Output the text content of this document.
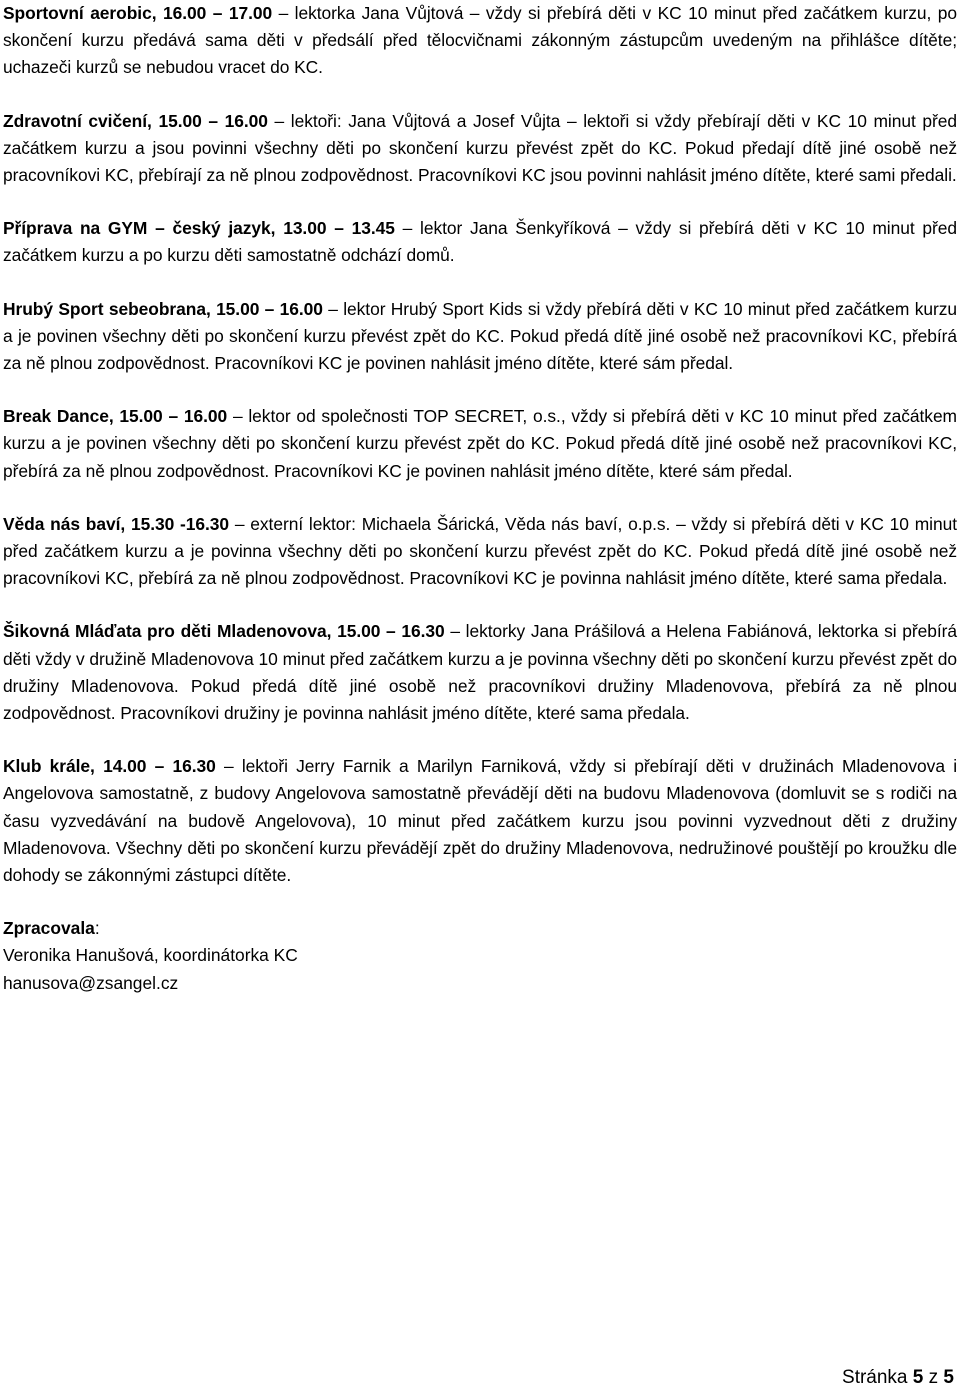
Sportovní aerobic, 16.00 – 17.00 – lektorka Jana Vůjtová – vždy si přebírá děti v KC 10 minut před začátkem kurzu, po skončení kurzu předává sama děti v předsálí před tělocvičnami zákonným zástupcům uvedeným na přihlášce dítěte; uchazeči kurzů se nebudou vracet do KC.

Zdravotní cvičení, 15.00 – 16.00 – lektoři: Jana Vůjtová a Josef Vůjta – lektoři si vždy přebírají děti v KC 10 minut před začátkem kurzu a jsou povinni všechny děti po skončení kurzu převést zpět do KC. Pokud předají dítě jiné osobě než pracovníkovi KC, přebírají za ně plnou zodpovědnost. Pracovníkovi KC jsou povinni nahlásit jméno dítěte, které sami předali.

Příprava na GYM – český jazyk, 13.00 – 13.45 – lektor Jana Šenkyříková – vždy si přebírá děti v KC 10 minut před začátkem kurzu a po kurzu děti samostatně odchází domů.

Hrubý Sport sebeobrana, 15.00 – 16.00 – lektor Hrubý Sport Kids si vždy přebírá děti v KC 10 minut před začátkem kurzu a je povinen všechny děti po skončení kurzu převést zpět do KC. Pokud předá dítě jiné osobě než pracovníkovi KC, přebírá za ně plnou zodpovědnost. Pracovníkovi KC je povinen nahlásit jméno dítěte, které sám předal.

Break Dance, 15.00 – 16.00 – lektor od společnosti TOP SECRET, o.s., vždy si přebírá děti v KC 10 minut před začátkem kurzu a je povinen všechny děti po skončení kurzu převést zpět do KC. Pokud předá dítě jiné osobě než pracovníkovi KC, přebírá za ně plnou zodpovědnost. Pracovníkovi KC je povinen nahlásit jméno dítěte, které sám předal.

Věda nás baví, 15.30 -16.30 – externí lektor: Michaela Šárická, Věda nás baví, o.p.s. – vždy si přebírá děti v KC 10 minut před začátkem kurzu a je povinna všechny děti po skončení kurzu převést zpět do KC. Pokud předá dítě jiné osobě než pracovníkovi KC, přebírá za ně plnou zodpovědnost. Pracovníkovi KC je povinna nahlásit jméno dítěte, které sama předala.

Šikovná Mláďata pro děti Mladenovova, 15.00 – 16.30 – lektorky Jana Prášilová a Helena Fabiánová, lektorka si přebírá děti vždy v družině Mladenovova 10 minut před začátkem kurzu a je povinna všechny děti po skončení kurzu převést zpět do družiny Mladenovova. Pokud předá dítě jiné osobě než pracovníkovi družiny Mladenovova, přebírá za ně plnou zodpovědnost. Pracovníkovi družiny je povinna nahlásit jméno dítěte, které sama předala.

Klub krále, 14.00 – 16.30 – lektoři Jerry Farnik a Marilyn Farniková, vždy si přebírají děti v družinách Mladenovova i Angelovova samostatně, z budovy Angelovova samostatně převádějí děti na budovu Mladenovova (domluvit se s rodiči na času vyzvedávání na budově Angelovova), 10 minut před začátkem kurzu jsou povinni vyzvednout děti z družiny Mladenovova. Všechny děti po skončení kurzu převádějí zpět do družiny Mladenovova, nedružinové pouštějí po kroužku dle dohody se zákonnými zástupci dítěte.

Zpracovala:
Veronika Hanušová, koordinátorka KC
hanusova@zsangel.cz
Stránka 5 z 5
